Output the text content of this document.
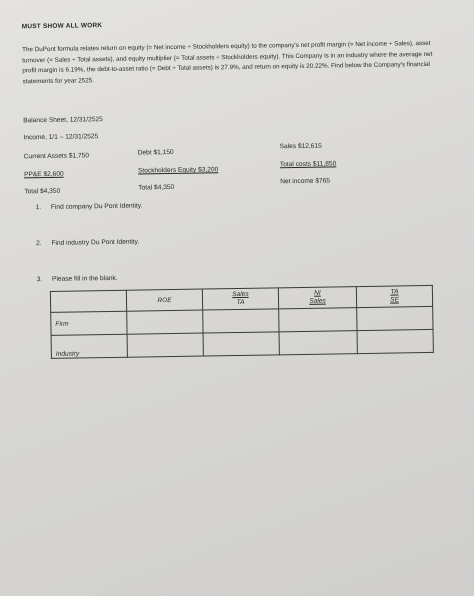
MUST SHOW ALL WORK
The DuPont formula relates return on equity (= Net income ÷ Stockholders equity) to the company's net profit margin (= Net income ÷ Sales), asset turnover (= Sales ÷ Total assets), and equity multiplier (= Total assets ÷ Stockholders equity). This Company is in an industry where the average net profit margin is 6.19%, the debt-to-asset ratio (= Debt ÷ Total assets) is 27.9%, and return on equity is 20.22%. Find below the Company's financial statements for year 2525.
Balance Sheet, 12/31/2525
Income, 1/1 – 12/31/2525
Current Assets $1,750
PP&E $2,600
Total $4,350
Debt $1,150
Stockholders Equity $3,200
Total $4,350
Sales $12,615
Total costs $11,850
Net income $765
1. Find company Du Pont Identity.
2. Find industry Du Pont Identity.
3. Please fill in the blank.
	ROE	$\frac{\text{Sales}}{TA}$	$\frac{NI}{\text{Sales}}$	$\frac{TA}{SE}$

Firm				
Industry				
